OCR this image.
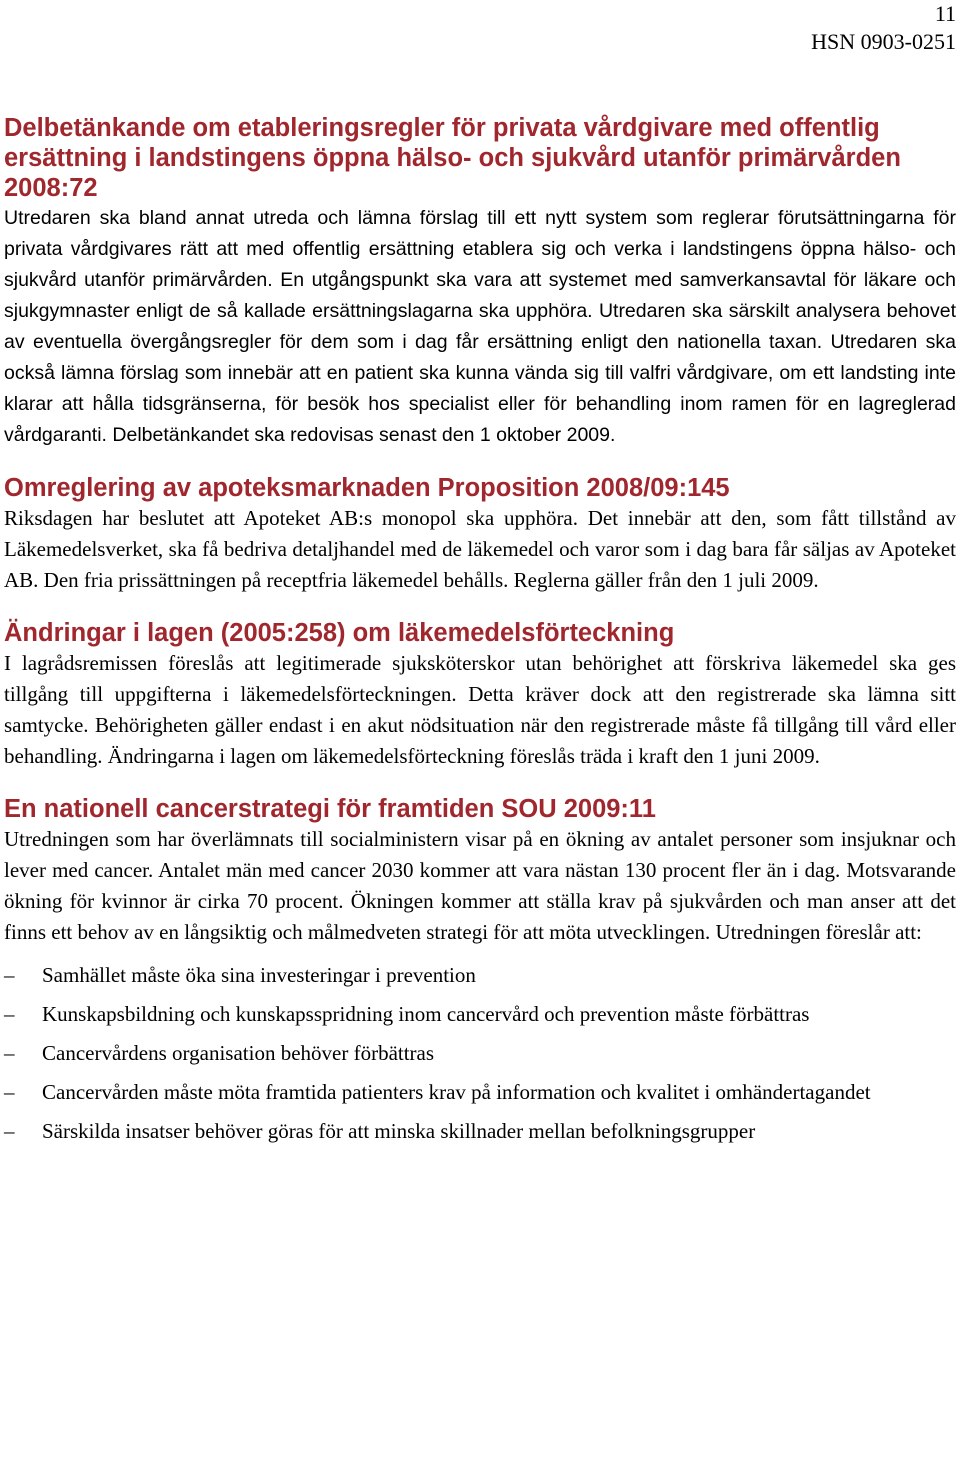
11
HSN 0903-0251
Delbetänkande om etableringsregler för privata vårdgivare med offentlig ersättning i landstingens öppna hälso- och sjukvård utanför primärvården 2008:72

Utredaren ska bland annat utreda och lämna förslag till ett nytt system som reglerar förutsättningarna för privata vårdgivares rätt att med offentlig ersättning etablera sig och verka i landstingens öppna hälso- och sjukvård utanför primärvården. En utgångspunkt ska vara att systemet med samverkansavtal för läkare och sjukgymnaster enligt de så kallade ersättningslagarna ska upphöra. Utredaren ska särskilt analysera behovet av eventuella övergångsregler för dem som i dag får ersättning enligt den nationella taxan. Utredaren ska också lämna förslag som innebär att en patient ska kunna vända sig till valfri vårdgivare, om ett landsting inte klarar att hålla tidsgränserna, för besök hos specialist eller för behandling inom ramen för en lagreglerad vårdgaranti. Delbetänkandet ska redovisas senast den 1 oktober 2009.

Omreglering av apoteksmarknaden Proposition 2008/09:145

Riksdagen har beslutet att Apoteket AB:s monopol ska upphöra. Det innebär att den, som fått tillstånd av Läkemedelsverket, ska få bedriva detaljhandel med de läkemedel och varor som i dag bara får säljas av Apoteket AB. Den fria prissättningen på receptfria läkemedel behålls. Reglerna gäller från den 1 juli 2009.

Ändringar i lagen (2005:258) om läkemedelsförteckning

I lagrådsremissen föreslås att legitimerade sjuksköterskor utan behörighet att förskriva läkemedel ska ges tillgång till uppgifterna i läkemedelsförteckningen. Detta kräver dock att den registrerade ska lämna sitt samtycke. Behörigheten gäller endast i en akut nödsituation när den registrerade måste få tillgång till vård eller behandling. Ändringarna i lagen om läkemedelsförteckning föreslås träda i kraft den 1 juni 2009.

En nationell cancerstrategi för framtiden SOU 2009:11

Utredningen som har överlämnats till socialministern visar på en ökning av antalet personer som insjuknar och lever med cancer. Antalet män med cancer 2030 kommer att vara nästan 130 procent fler än i dag. Motsvarande ökning för kvinnor är cirka 70 procent. Ökningen kommer att ställa krav på sjukvården och man anser att det finns ett behov av en långsiktig och målmedveten strategi för att möta utvecklingen. Utredningen föreslår att:

– Samhället måste öka sina investeringar i prevention
– Kunskapsbildning och kunskapsspridning inom cancervård och prevention måste förbättras
– Cancervårdens organisation behöver förbättras
– Cancervården måste möta framtida patienters krav på information och kvalitet i omhändertagandet
– Särskilda insatser behöver göras för att minska skillnader mellan befolkningsgrupper
